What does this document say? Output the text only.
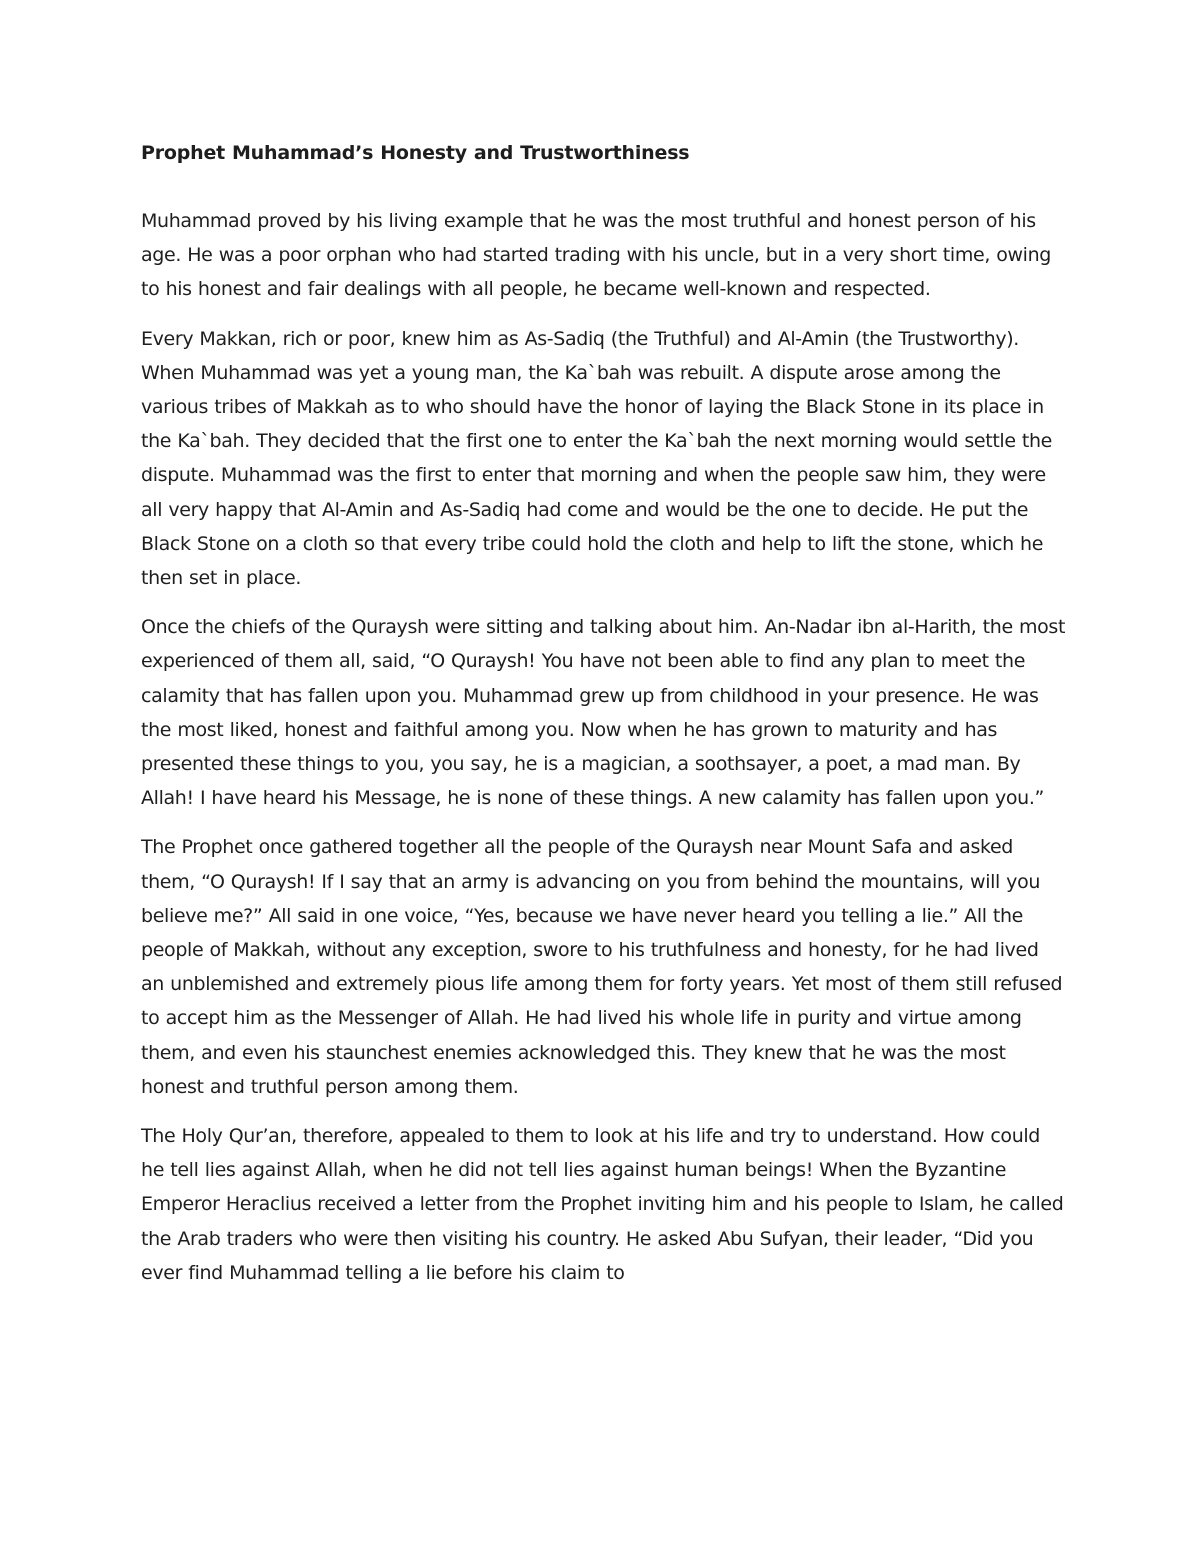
Prophet Muhammad’s Honesty and Trustworthiness

Muhammad proved by his living example that he was the most truthful and honest person of his age. He was a poor orphan who had started trading with his uncle, but in a very short time, owing to his honest and fair dealings with all people, he became well-known and respected.

Every Makkan, rich or poor, knew him as As-Sadiq (the Truthful) and Al-Amin (the Trustworthy). When Muhammad was yet a young man, the Ka`bah was rebuilt. A dispute arose among the various tribes of Makkah as to who should have the honor of laying the Black Stone in its place in the Ka`bah. They decided that the first one to enter the Ka`bah the next morning would settle the dispute. Muhammad was the first to enter that morning and when the people saw him, they were all very happy that Al-Amin and As-Sadiq had come and would be the one to decide. He put the Black Stone on a cloth so that every tribe could hold the cloth and help to lift the stone, which he then set in place.

Once the chiefs of the Quraysh were sitting and talking about him. An-Nadar ibn al-Harith, the most experienced of them all, said, “O Quraysh! You have not been able to find any plan to meet the calamity that has fallen upon you. Muhammad grew up from childhood in your presence. He was the most liked, honest and faithful among you. Now when he has grown to maturity and has presented these things to you, you say, he is a magician, a soothsayer, a poet, a mad man. By Allah! I have heard his Message, he is none of these things. A new calamity has fallen upon you.”

The Prophet once gathered together all the people of the Quraysh near Mount Safa and asked them, “O Quraysh! If I say that an army is advancing on you from behind the mountains, will you believe me?” All said in one voice, “Yes, because we have never heard you telling a lie.” All the people of Makkah, without any exception, swore to his truthfulness and honesty, for he had lived an unblemished and extremely pious life among them for forty years. Yet most of them still refused to accept him as the Messenger of Allah. He had lived his whole life in purity and virtue among them, and even his staunchest enemies acknowledged this. They knew that he was the most honest and truthful person among them.

The Holy Qur’an, therefore, appealed to them to look at his life and try to understand. How could he tell lies against Allah, when he did not tell lies against human beings! When the Byzantine Emperor Heraclius received a letter from the Prophet inviting him and his people to Islam, he called the Arab traders who were then visiting his country. He asked Abu Sufyan, their leader, “Did you ever find Muhammad telling a lie before his claim to
